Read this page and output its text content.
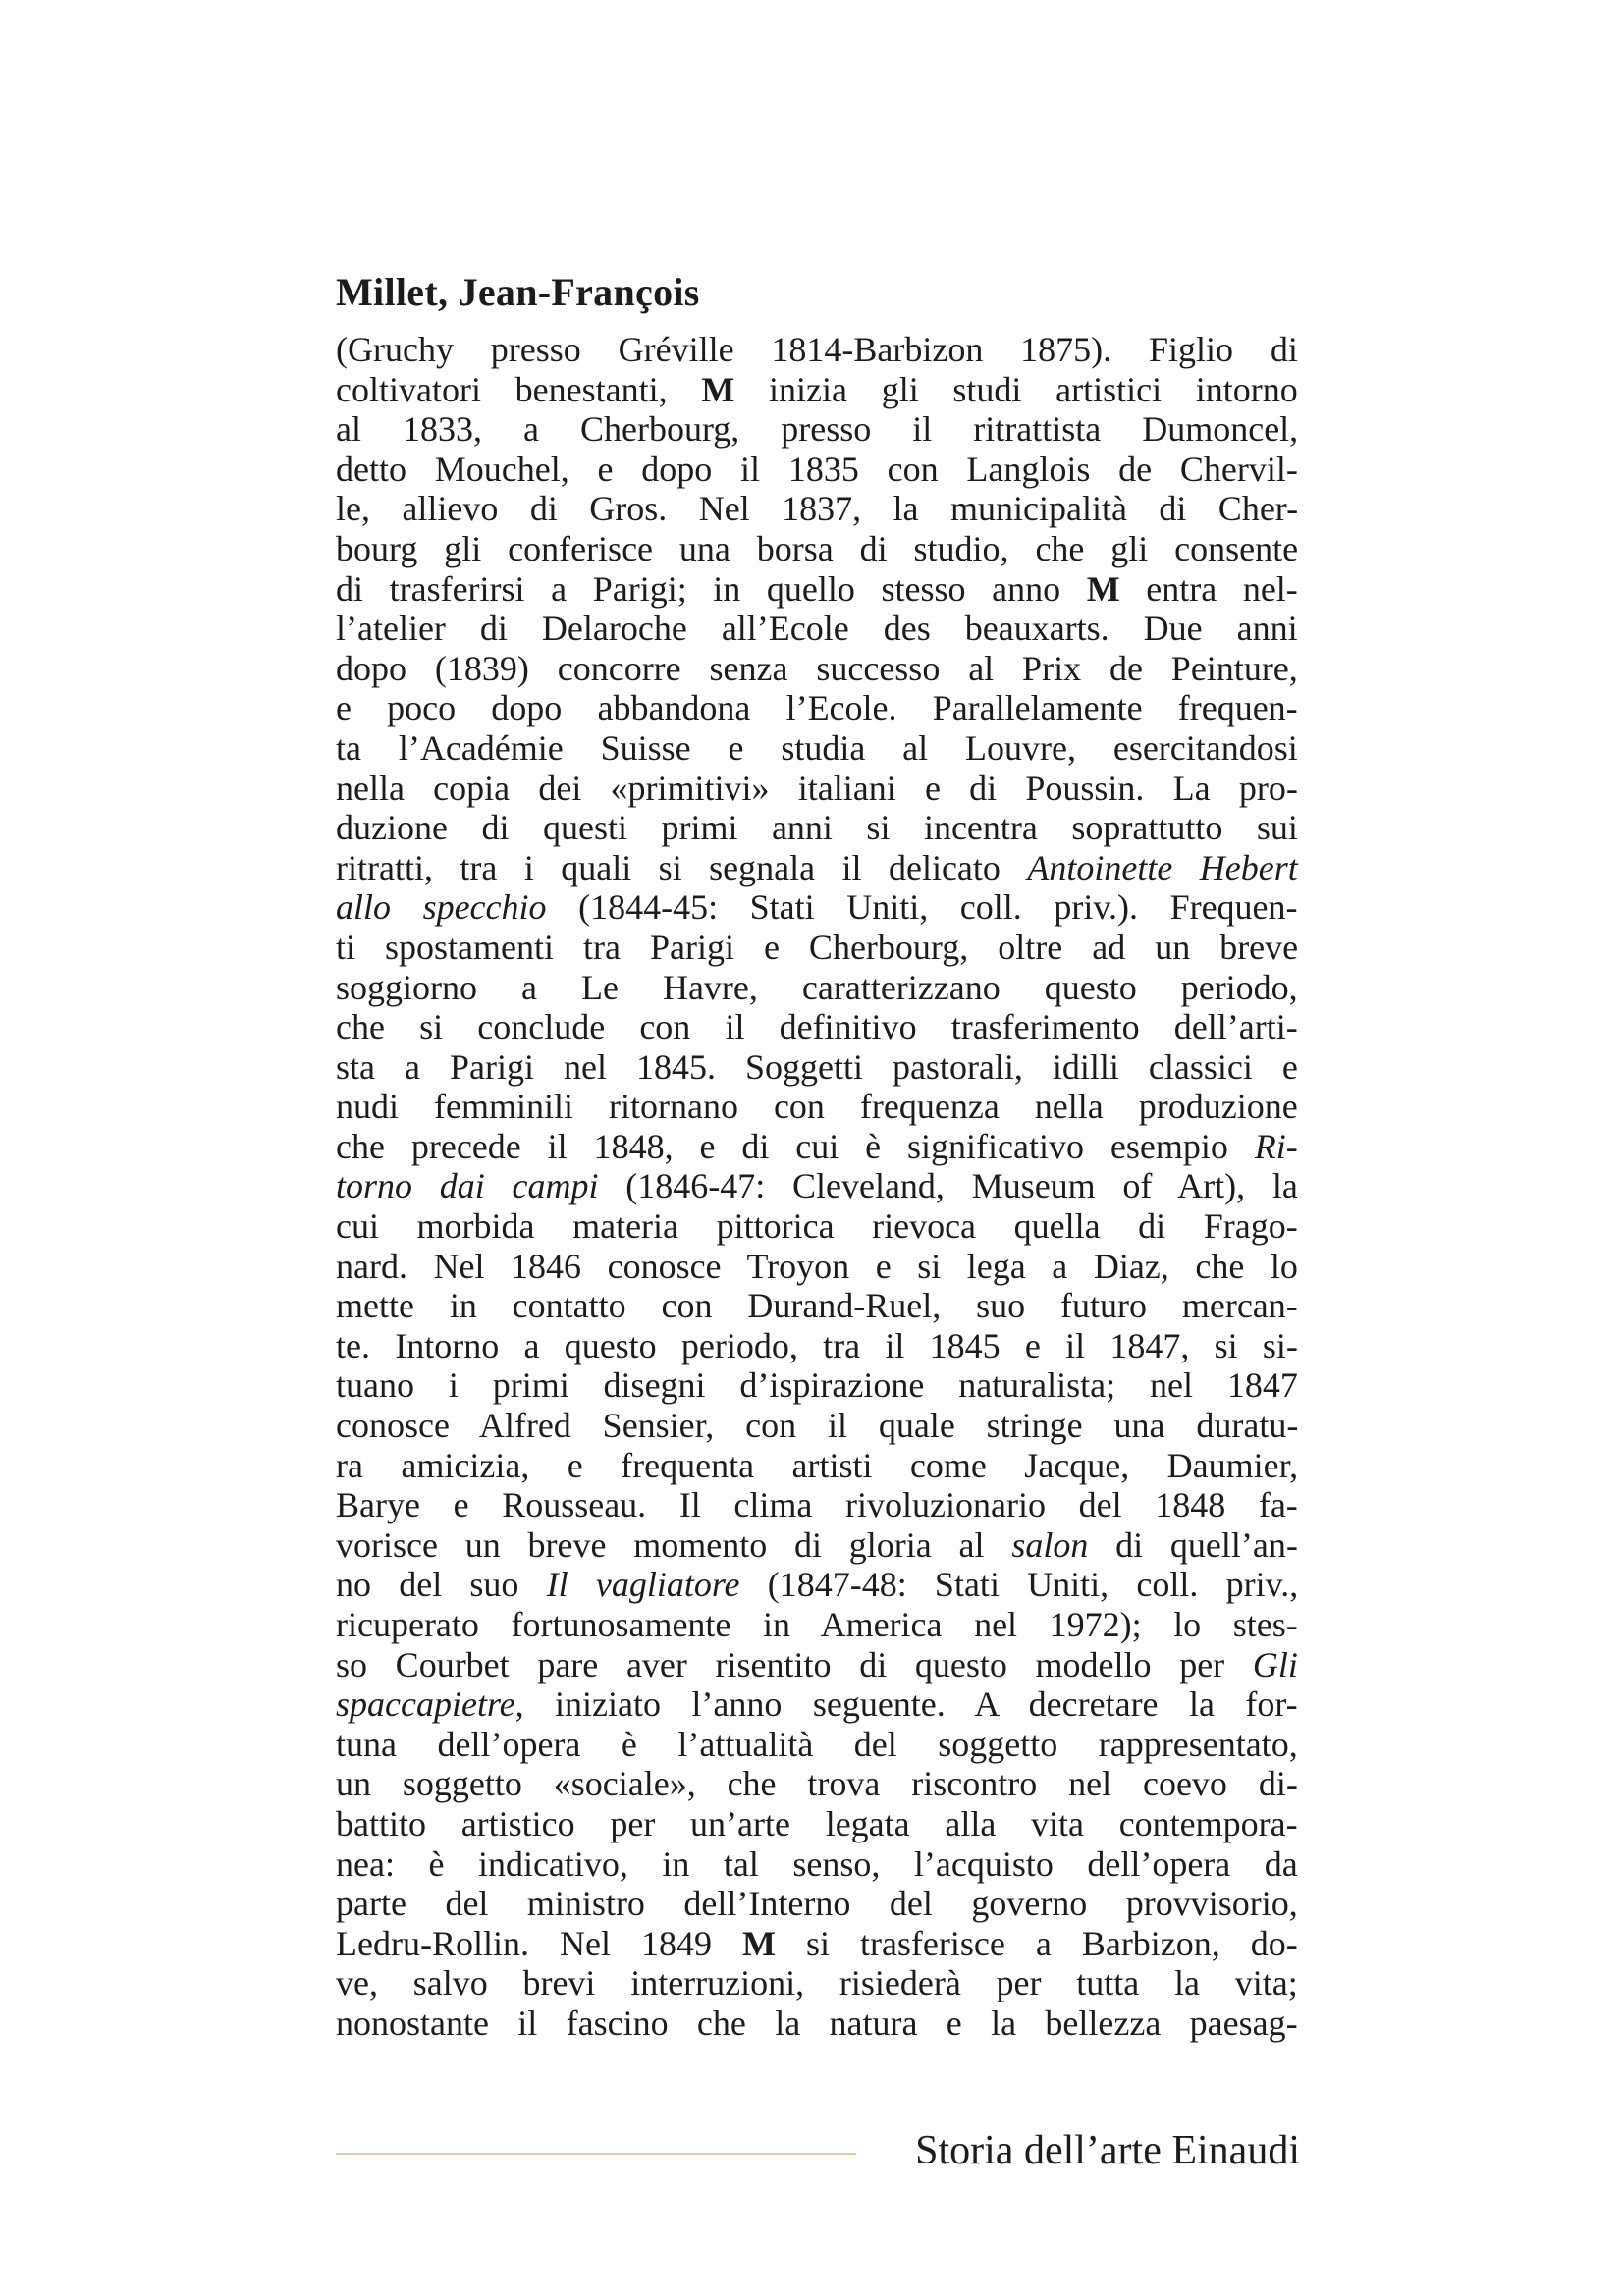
Millet, Jean-François
(Gruchy presso Gréville 1814-Barbizon 1875). Figlio di
coltivatori benestanti, M inizia gli studi artistici intorno
al 1833, a Cherbourg, presso il ritrattista Dumoncel,
detto Mouchel, e dopo il 1835 con Langlois de Chervil-
le, allievo di Gros. Nel 1837, la municipalità di Cher-
bourg gli conferisce una borsa di studio, che gli consente
di trasferirsi a Parigi; in quello stesso anno M entra nel-
l’atelier di Delaroche all’Ecole des beauxarts. Due anni
dopo (1839) concorre senza successo al Prix de Peinture,
e poco dopo abbandona l’Ecole. Parallelamente frequen-
ta l’Académie Suisse e studia al Louvre, esercitandosi
nella copia dei «primitivi» italiani e di Poussin. La pro-
duzione di questi primi anni si incentra soprattutto sui
ritratti, tra i quali si segnala il delicato Antoinette Hebert
allo specchio (1844-45: Stati Uniti, coll. priv.). Frequen-
ti spostamenti tra Parigi e Cherbourg, oltre ad un breve
soggiorno a Le Havre, caratterizzano questo periodo,
che si conclude con il definitivo trasferimento dell’arti-
sta a Parigi nel 1845. Soggetti pastorali, idilli classici e
nudi femminili ritornano con frequenza nella produzione
che precede il 1848, e di cui è significativo esempio Ri-
torno dai campi (1846-47: Cleveland, Museum of Art), la
cui morbida materia pittorica rievoca quella di Frago-
nard. Nel 1846 conosce Troyon e si lega a Diaz, che lo
mette in contatto con Durand-Ruel, suo futuro mercan-
te. Intorno a questo periodo, tra il 1845 e il 1847, si si-
tuano i primi disegni d’ispirazione naturalista; nel 1847
conosce Alfred Sensier, con il quale stringe una duratu-
ra amicizia, e frequenta artisti come Jacque, Daumier,
Barye e Rousseau. Il clima rivoluzionario del 1848 fa-
vorisce un breve momento di gloria al salon di quell’an-
no del suo Il vagliatore (1847-48: Stati Uniti, coll. priv.,
ricuperato fortunosamente in America nel 1972); lo stes-
so Courbet pare aver risentito di questo modello per Gli
spaccapietre, iniziato l’anno seguente. A decretare la for-
tuna dell’opera è l’attualità del soggetto rappresentato,
un soggetto «sociale», che trova riscontro nel coevo di-
battito artistico per un’arte legata alla vita contempora-
nea: è indicativo, in tal senso, l’acquisto dell’opera da
parte del ministro dell’Interno del governo provvisorio,
Ledru-Rollin. Nel 1849 M si trasferisce a Barbizon, do-
ve, salvo brevi interruzioni, risiederà per tutta la vita;
nonostante il fascino che la natura e la bellezza paesag-
Storia dell’arte Einaudi
